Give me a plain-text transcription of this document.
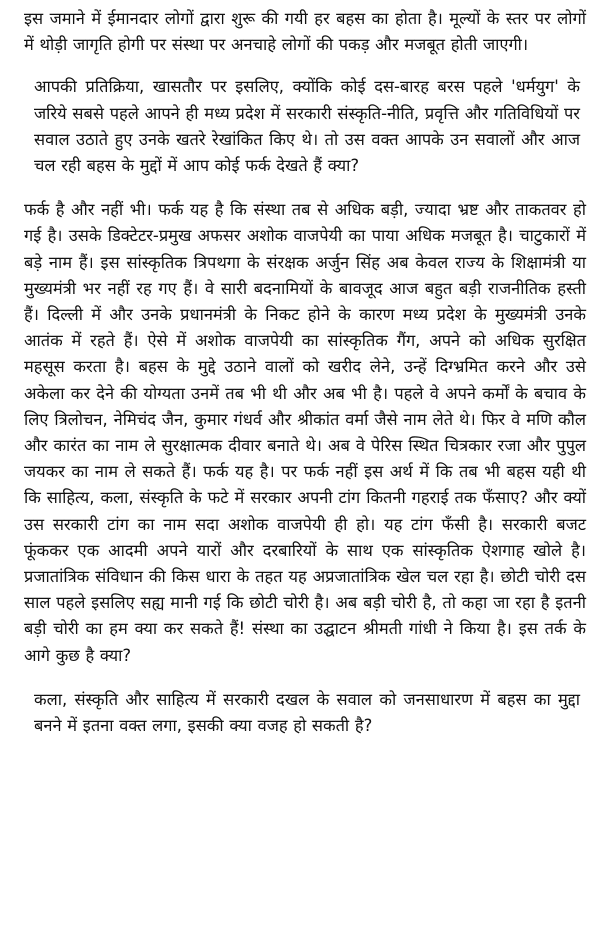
इस जमाने में ईमानदार लोगों द्वारा शुरू की गयी हर बहस का होता है। मूल्यों के स्तर पर लोगों में थोड़ी जागृति होगी पर संस्था पर अनचाहे लोगों की पकड़ और मजबूत होती जाएगी।

आपकी प्रतिक्रिया, खासतौर पर इसलिए, क्योंकि कोई दस-बारह बरस पहले 'धर्मयुग' के जरिये सबसे पहले आपने ही मध्य प्रदेश में सरकारी संस्कृति-नीति, प्रवृत्ति और गतिविधियों पर सवाल उठाते हुए उनके खतरे रेखांकित किए थे। तो उस वक्त आपके उन सवालों और आज चल रही बहस के मुद्दों में आप कोई फर्क देखते हैं क्या?

फर्क है और नहीं भी। फर्क यह है कि संस्था तब से अधिक बड़ी, ज्यादा भ्रष्ट और ताकतवर हो गई है। उसके डिक्टेटर-प्रमुख अफसर अशोक वाजपेयी का पाया अधिक मजबूत है। चाटुकारों में बड़े नाम हैं। इस सांस्कृतिक त्रिपथगा के संरक्षक अर्जुन सिंह अब केवल राज्य के शिक्षामंत्री या मुख्यमंत्री भर नहीं रह गए हैं। वे सारी बदनामियों के बावजूद आज बहुत बड़ी राजनीतिक हस्ती हैं। दिल्ली में और उनके प्रधानमंत्री के निकट होने के कारण मध्य प्रदेश के मुख्यमंत्री उनके आतंक में रहते हैं। ऐसे में अशोक वाजपेयी का सांस्कृतिक गैंग, अपने को अधिक सुरक्षित महसूस करता है। बहस के मुद्दे उठाने वालों को खरीद लेने, उन्हें दिग्भ्रमित करने और उसे अकेला कर देने की योग्यता उनमें तब भी थी और अब भी है। पहले वे अपने कर्मों के बचाव के लिए त्रिलोचन, नेमिचंद जैन, कुमार गंधर्व और श्रीकांत वर्मा जैसे नाम लेते थे। फिर वे मणि कौल और कारंत का नाम ले सुरक्षात्मक दीवार बनाते थे। अब वे पेरिस स्थित चित्रकार रजा और पुपुल जयकर का नाम ले सकते हैं। फर्क यह है। पर फर्क नहीं इस अर्थ में कि तब भी बहस यही थी कि साहित्य, कला, संस्कृति के फटे में सरकार अपनी टांग कितनी गहराई तक फँसाए? और क्यों उस सरकारी टांग का नाम सदा अशोक वाजपेयी ही हो। यह टांग फँसी है। सरकारी बजट फूंककर एक आदमी अपने यारों और दरबारियों के साथ एक सांस्कृतिक ऐशगाह खोले है। प्रजातांत्रिक संविधान की किस धारा के तहत यह अप्रजातांत्रिक खेल चल रहा है। छोटी चोरी दस साल पहले इसलिए सह्य मानी गई कि छोटी चोरी है। अब बड़ी चोरी है, तो कहा जा रहा है इतनी बड़ी चोरी का हम क्या कर सकते हैं! संस्था का उद्घाटन श्रीमती गांधी ने किया है। इस तर्क के आगे कुछ है क्या?

कला, संस्कृति और साहित्य में सरकारी दखल के सवाल को जनसाधारण में बहस का मुद्दा बनने में इतना वक्त लगा, इसकी क्या वजह हो सकती है?
